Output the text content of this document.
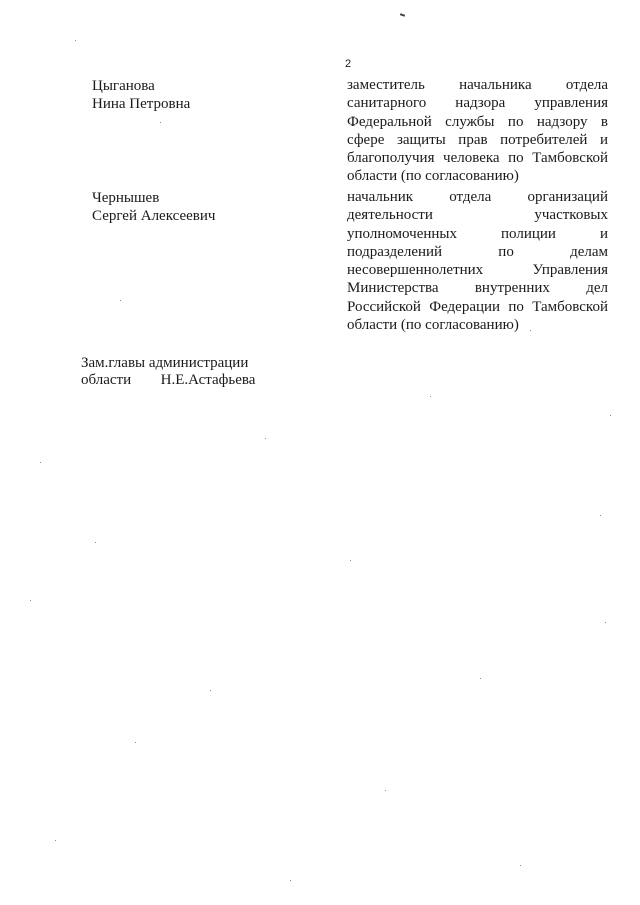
2
Цыганова
Нина Петровна
заместитель начальника отдела санитарного надзора управления Федеральной службы по надзору в сфере защиты прав потребителей и благополучия человека по Тамбовской области (по согласованию)
Чернышев
Сергей Алексеевич
начальник отдела организаций деятельности участковых уполномоченных полиции и подразделений по делам несовершеннолетних Управления Министерства внутренних дел Российской Федерации по Тамбовской области (по согласованию)
Зам.главы администрации
области Н.Е.Астафьева
